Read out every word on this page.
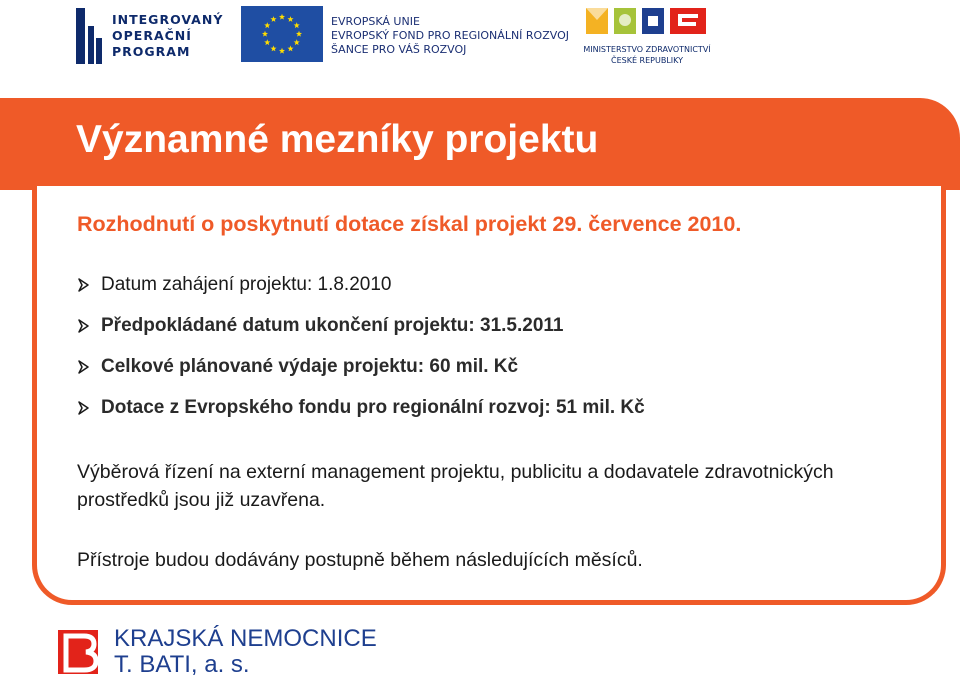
INTEGROVANÝ
OPERAČNÍ
PROGRAM
EVROPSKÁ UNIE
EVROPSKÝ FOND PRO REGIONÁLNÍ ROZVOJ
ŠANCE PRO VÁŠ ROZVOJ	MINISTERSTVO ZDRAVOTNICTVÍ
ČESKÉ REPUBLIKY
Významné mezníky projektu

Rozhodnutí o poskytnutí dotace získal projekt 29. července 2010.

Datum zahájení projektu: 1.8.2010
Předpokládané datum ukončení projektu: 31.5.2011
Celkové plánované výdaje projektu: 60 mil. Kč
Dotace z Evropského fondu pro regionální rozvoj: 51 mil. Kč

Výběrová řízení na externí management projektu, publicitu a dodavatele zdravotnických prostředků jsou již uzavřena.

Přístroje budou dodávány postupně během následujících měsíců.

KRAJSKÁ NEMOCNICE
T. BATI, a. s.
